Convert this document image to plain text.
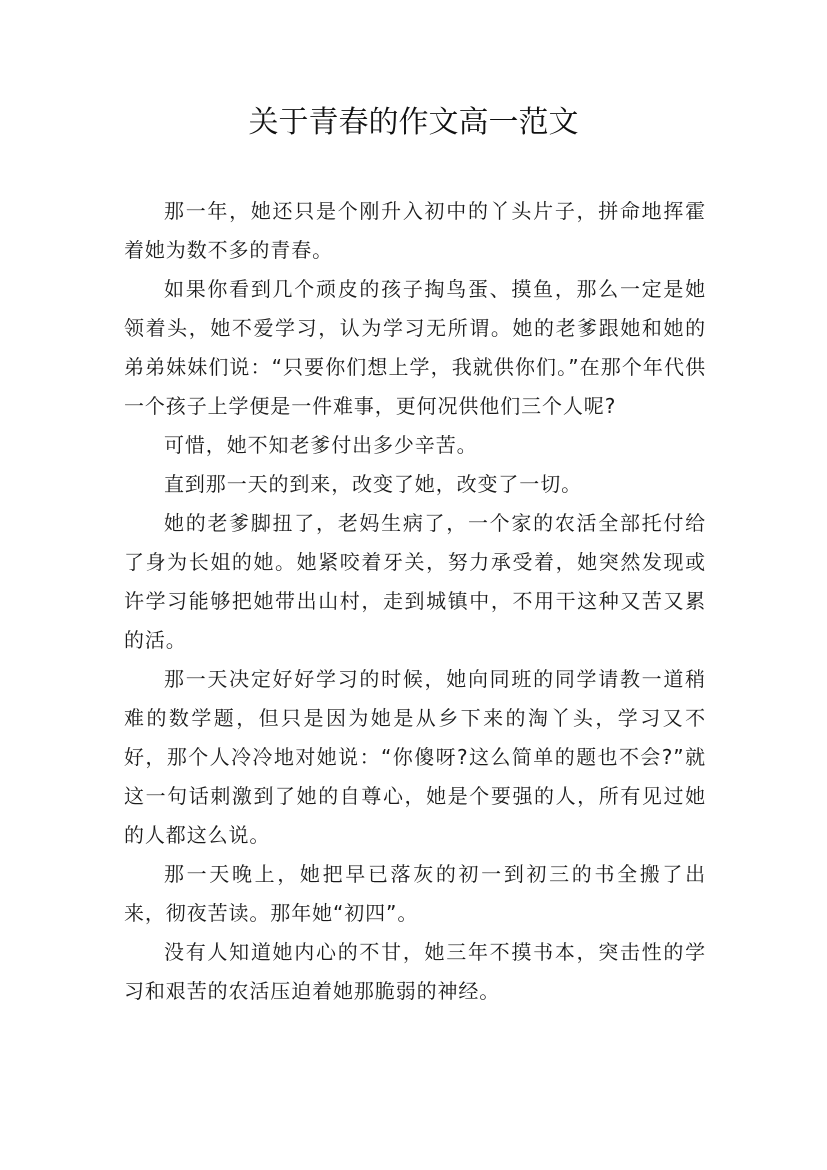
关于青春的作文高一范文

那一年，她还只是个刚升入初中的丫头片子，拼命地挥霍着她为数不多的青春。

如果你看到几个顽皮的孩子掏鸟蛋、摸鱼，那么一定是她领着头，她不爱学习，认为学习无所谓。她的老爹跟她和她的弟弟妹妹们说：“只要你们想上学，我就供你们。”在那个年代供一个孩子上学便是一件难事，更何况供他们三个人呢?

可惜，她不知老爹付出多少辛苦。

直到那一天的到来，改变了她，改变了一切。

她的老爹脚扭了，老妈生病了，一个家的农活全部托付给了身为长姐的她。她紧咬着牙关，努力承受着，她突然发现或许学习能够把她带出山村，走到城镇中，不用干这种又苦又累的活。

那一天决定好好学习的时候，她向同班的同学请教一道稍难的数学题，但只是因为她是从乡下来的淘丫头，学习又不好，那个人冷冷地对她说：“你傻呀?这么简单的题也不会?”就这一句话刺激到了她的自尊心，她是个要强的人，所有见过她的人都这么说。

那一天晚上，她把早已落灰的初一到初三的书全搬了出来，彻夜苦读。那年她“初四”。

没有人知道她内心的不甘，她三年不摸书本，突击性的学习和艰苦的农活压迫着她那脆弱的神经。
